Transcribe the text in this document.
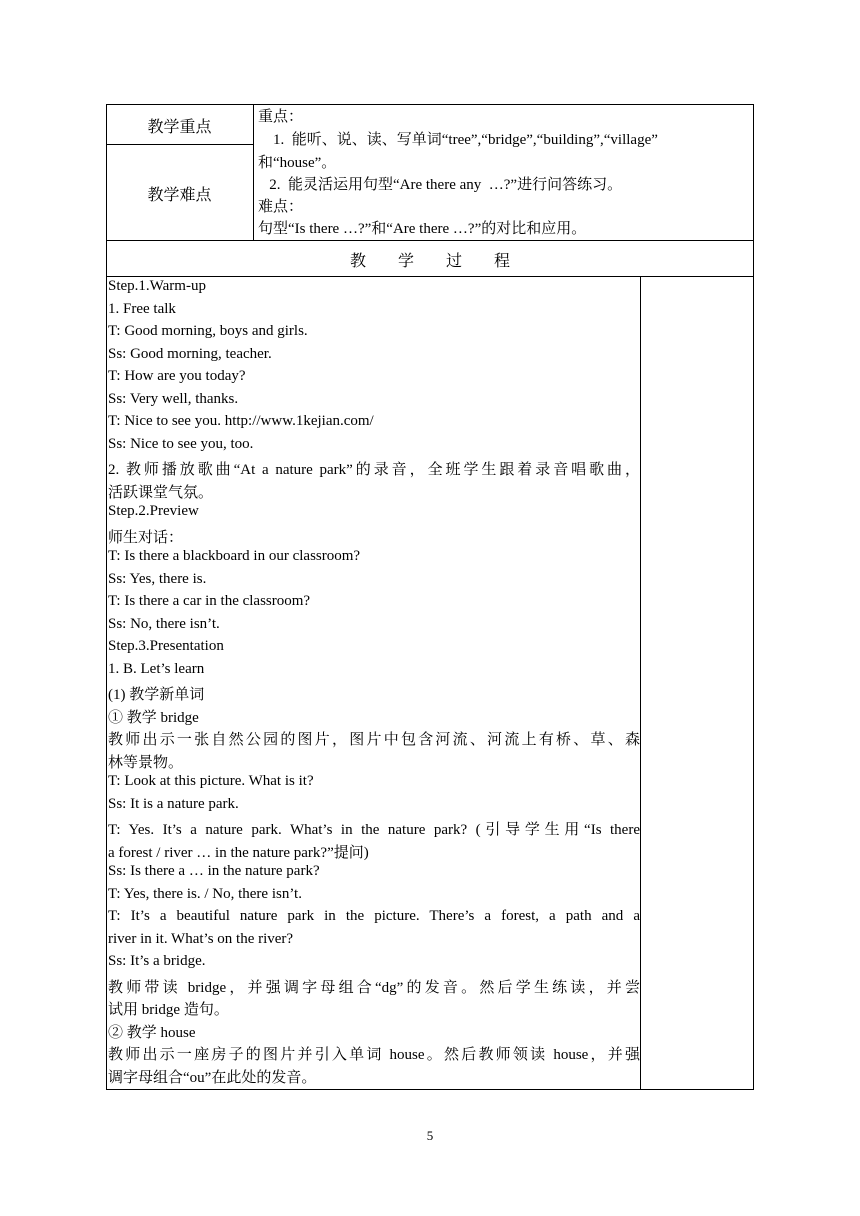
教学重点
教学难点
重点：
1.  能听、说、读、写单词“tree”,“bridge”,“building”,“village”
和“house”。
2.  能灵活运用句型“Are there any  …?”进行问答练习。
难点：
句型“Is there …?”和“Are there …?”的对比和应用。
教　　学　　过　　程
Step.1.Warm-up
1. Free talk
T: Good morning, boys and girls.
Ss: Good morning, teacher.
T: How are you today?
Ss: Very well, thanks.
T: Nice to see you. http://www.1kejian.com/
Ss: Nice to see you, too.
2. 教师播放歌曲“At a nature park”的录音，全班学生跟着录音唱歌曲，
活跃课堂气氛。
Step.2.Preview
师生对话：
T: Is there a blackboard in our classroom?
Ss: Yes, there is.
T: Is there a car in the classroom?
Ss: No, there isn’t.
Step.3.Presentation
1. B. Let’s learn
(1) 教学新单词
① 教学 bridge
教师出示一张自然公园的图片，图片中包含河流、河流上有桥、草、森
林等景物。
T: Look at this picture. What is it?
Ss: It is a nature park.
T: Yes. It’s a nature park. What’s in the nature park? (引导学生用“Is there
a forest / river … in the nature park?”提问)
Ss: Is there a … in the nature park?
T: Yes, there is. / No, there isn’t.
T: It’s a beautiful nature park in the picture. There’s a forest, a path and a
river in it. What’s on the river?
Ss: It’s a bridge.
教师带读 bridge，并强调字母组合“dg”的发音。然后学生练读，并尝
试用 bridge 造句。
② 教学 house
教师出示一座房子的图片并引入单词 house。然后教师领读 house，并强
调字母组合“ou”在此处的发音。
5
